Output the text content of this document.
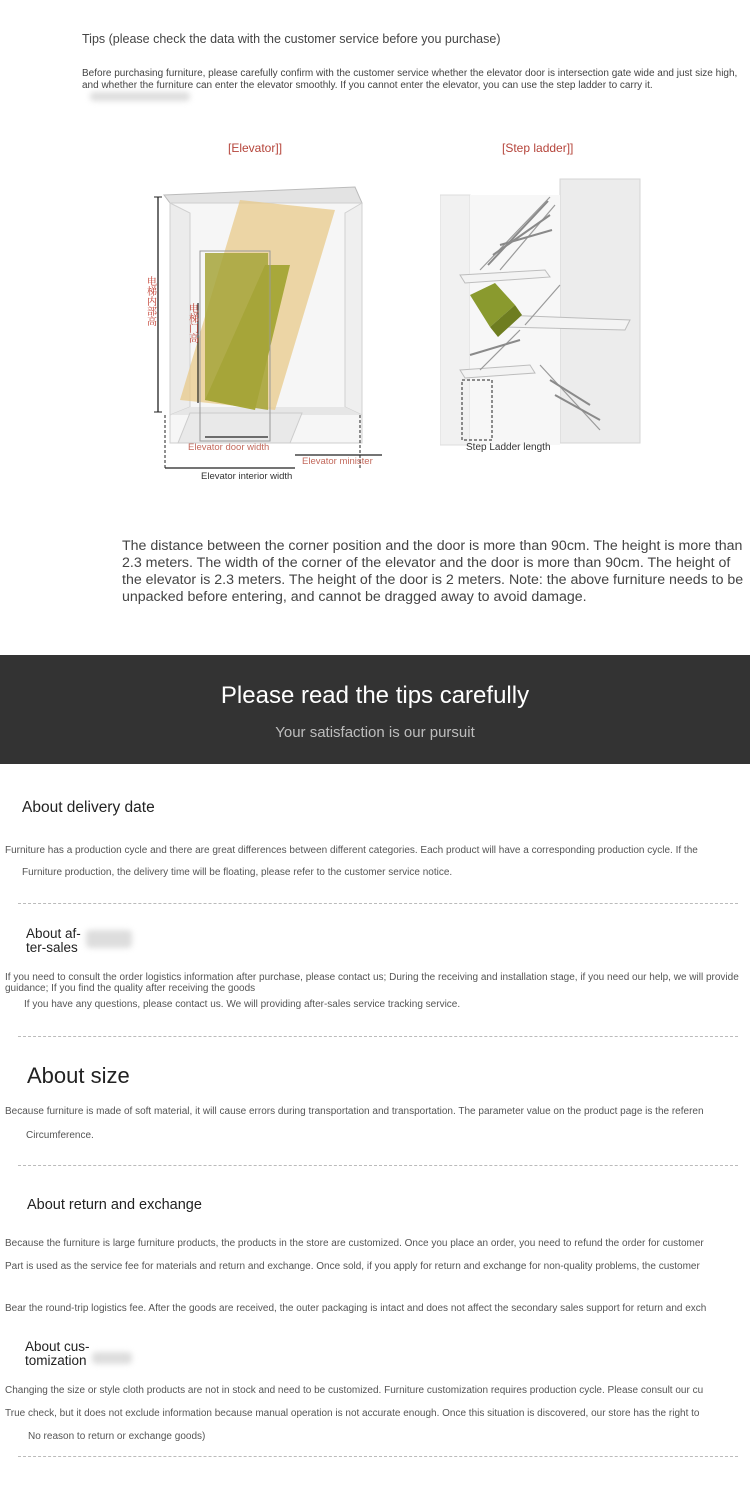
Tips (please check the data with the customer service before you purchase)
Before purchasing furniture, please carefully confirm with the customer service whether the elevator door is intersection gate wide and just size high, and whether the furniture can enter the elevator smoothly. If you cannot enter the elevator, you can use the step ladder to carry it.
[Elevator]]	[Step ladder]]
电梯内部高
电梯门高
Elevator door width
Elevator minister
Elevator interior width
Step Ladder length
The distance between the corner position and the door is more than 90cm. The height is more than 2.3 meters. The width of the corner of the elevator and the door is more than 90cm. The height of the elevator is 2.3 meters. The height of the door is 2 meters. Note: the above furniture needs to be unpacked before entering, and cannot be dragged away to avoid damage.
Please read the tips carefully
Your satisfaction is our pursuit
About delivery date
Furniture has a production cycle and there are great differences between different categories. Each product will have a corresponding production cycle. If the
Furniture production, the delivery time will be floating, please refer to the customer service notice.
About af-ter-sales
If you need to consult the order logistics information after purchase, please contact us; During the receiving and installation stage, if you need our help, we will provide guidance; If you find the quality after receiving the goods
If you have any questions, please contact us. We will providing after-sales service tracking service.
About size
Because furniture is made of soft material, it will cause errors during transportation and transportation. The parameter value on the product page is the referen
Circumference.
About return and exchange
Because the furniture is large furniture products, the products in the store are customized. Once you place an order, you need to refund the order for customer
Part is used as the service fee for materials and return and exchange. Once sold, if you apply for return and exchange for non-quality problems, the customer
Bear the round-trip logistics fee. After the goods are received, the outer packaging is intact and does not affect the secondary sales support for return and exch
About cus-tomization
Changing the size or style cloth products are not in stock and need to be customized. Furniture customization requires production cycle. Please consult our cu
True check, but it does not exclude information because manual operation is not accurate enough. Once this situation is discovered, our store has the right to
No reason to return or exchange goods)
